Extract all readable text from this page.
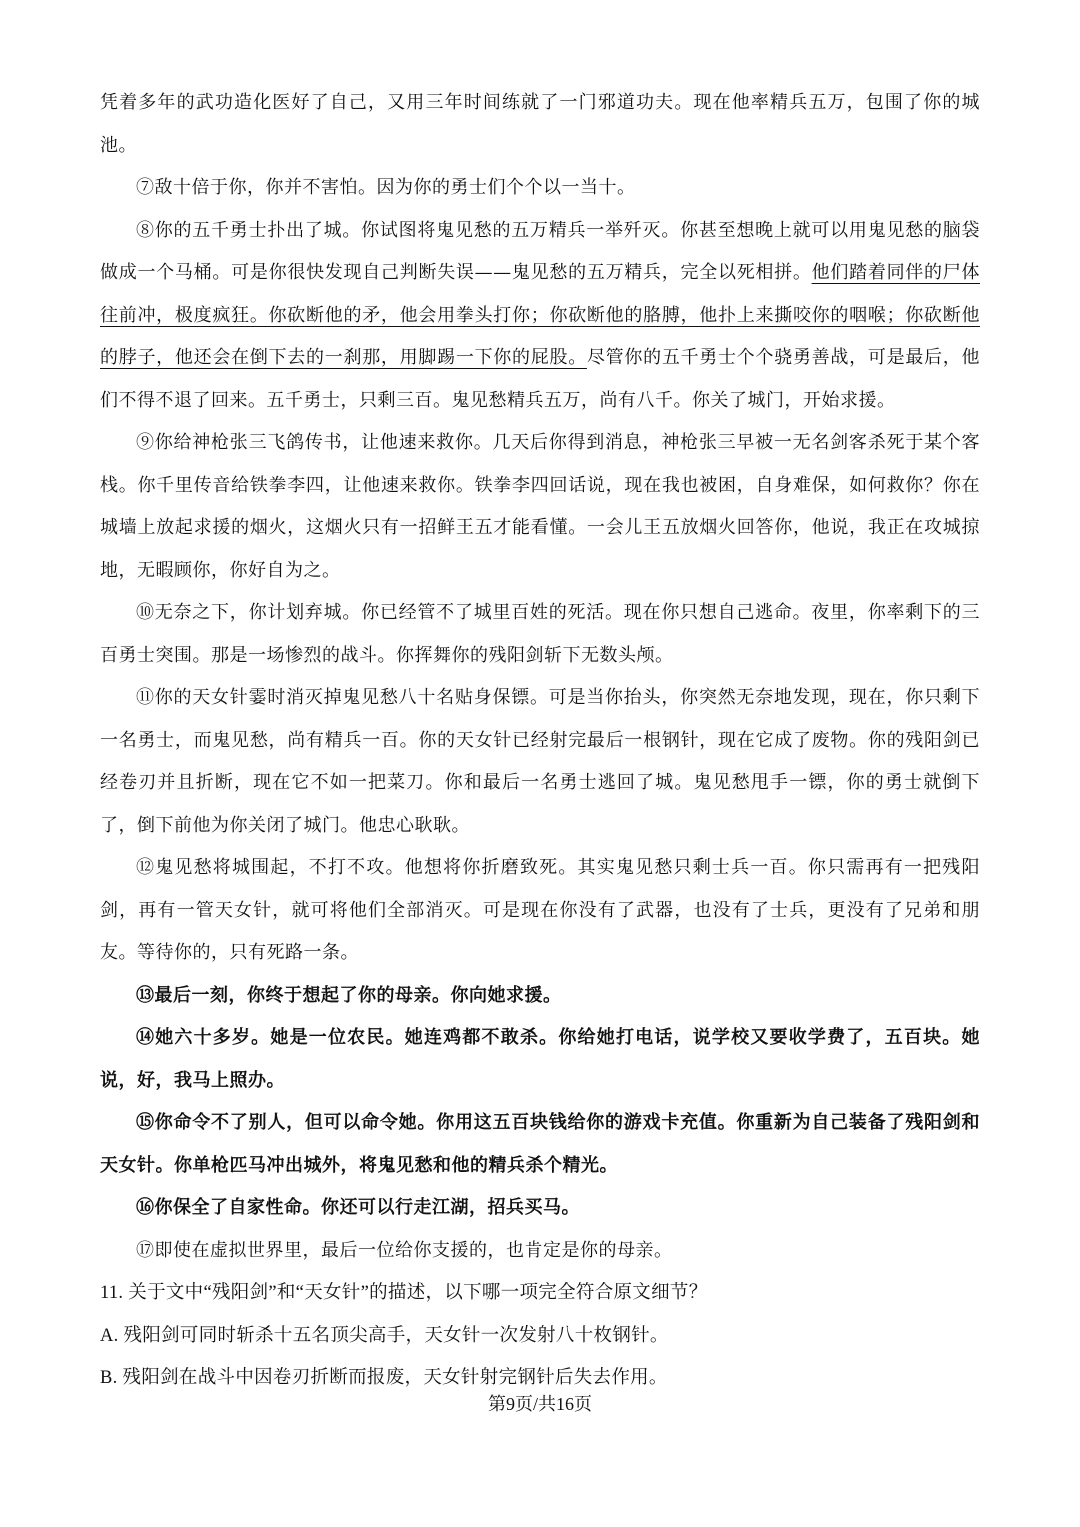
凭着多年的武功造化医好了自己，又用三年时间练就了一门邪道功夫。现在他率精兵五万，包围了你的城池。

⑦敌十倍于你，你并不害怕。因为你的勇士们个个以一当十。

⑧你的五千勇士扑出了城。你试图将鬼见愁的五万精兵一举歼灭。你甚至想晚上就可以用鬼见愁的脑袋做成一个马桶。可是你很快发现自己判断失误——鬼见愁的五万精兵，完全以死相拼。他们踏着同伴的尸体往前冲，极度疯狂。你砍断他的矛，他会用拳头打你；你砍断他的胳膊，他扑上来撕咬你的咽喉；你砍断他的脖子，他还会在倒下去的一刹那，用脚踢一下你的屁股。尽管你的五千勇士个个骁勇善战，可是最后，他们不得不退了回来。五千勇士，只剩三百。鬼见愁精兵五万，尚有八千。你关了城门，开始求援。

⑨你给神枪张三飞鸽传书，让他速来救你。几天后你得到消息，神枪张三早被一无名剑客杀死于某个客栈。你千里传音给铁拳李四，让他速来救你。铁拳李四回话说，现在我也被困，自身难保，如何救你？你在城墙上放起求援的烟火，这烟火只有一招鲜王五才能看懂。一会儿王五放烟火回答你，他说，我正在攻城掠地，无暇顾你，你好自为之。

⑩无奈之下，你计划弃城。你已经管不了城里百姓的死活。现在你只想自己逃命。夜里，你率剩下的三百勇士突围。那是一场惨烈的战斗。你挥舞你的残阳剑斩下无数头颅。

⑪你的天女针霎时消灭掉鬼见愁八十名贴身保镖。可是当你抬头，你突然无奈地发现，现在，你只剩下一名勇士，而鬼见愁，尚有精兵一百。你的天女针已经射完最后一根钢针，现在它成了废物。你的残阳剑已经卷刃并且折断，现在它不如一把菜刀。你和最后一名勇士逃回了城。鬼见愁甩手一镖，你的勇士就倒下了，倒下前他为你关闭了城门。他忠心耿耿。

⑫鬼见愁将城围起，不打不攻。他想将你折磨致死。其实鬼见愁只剩士兵一百。你只需再有一把残阳剑，再有一管天女针，就可将他们全部消灭。可是现在你没有了武器，也没有了士兵，更没有了兄弟和朋友。等待你的，只有死路一条。

⑬最后一刻，你终于想起了你的母亲。你向她求援。

⑭她六十多岁。她是一位农民。她连鸡都不敢杀。你给她打电话，说学校又要收学费了，五百块。她说，好，我马上照办。

⑮你命令不了别人，但可以命令她。你用这五百块钱给你的游戏卡充值。你重新为自己装备了残阳剑和天女针。你单枪匹马冲出城外，将鬼见愁和他的精兵杀个精光。

⑯你保全了自家性命。你还可以行走江湖，招兵买马。

⑰即使在虚拟世界里，最后一位给你支援的，也肯定是你的母亲。

11. 关于文中“残阳剑”和“天女针”的描述，以下哪一项完全符合原文细节？

A. 残阳剑可同时斩杀十五名顶尖高手，天女针一次发射八十枚钢针。

B. 残阳剑在战斗中因卷刃折断而报废，天女针射完钢针后失去作用。

第9页/共16页
